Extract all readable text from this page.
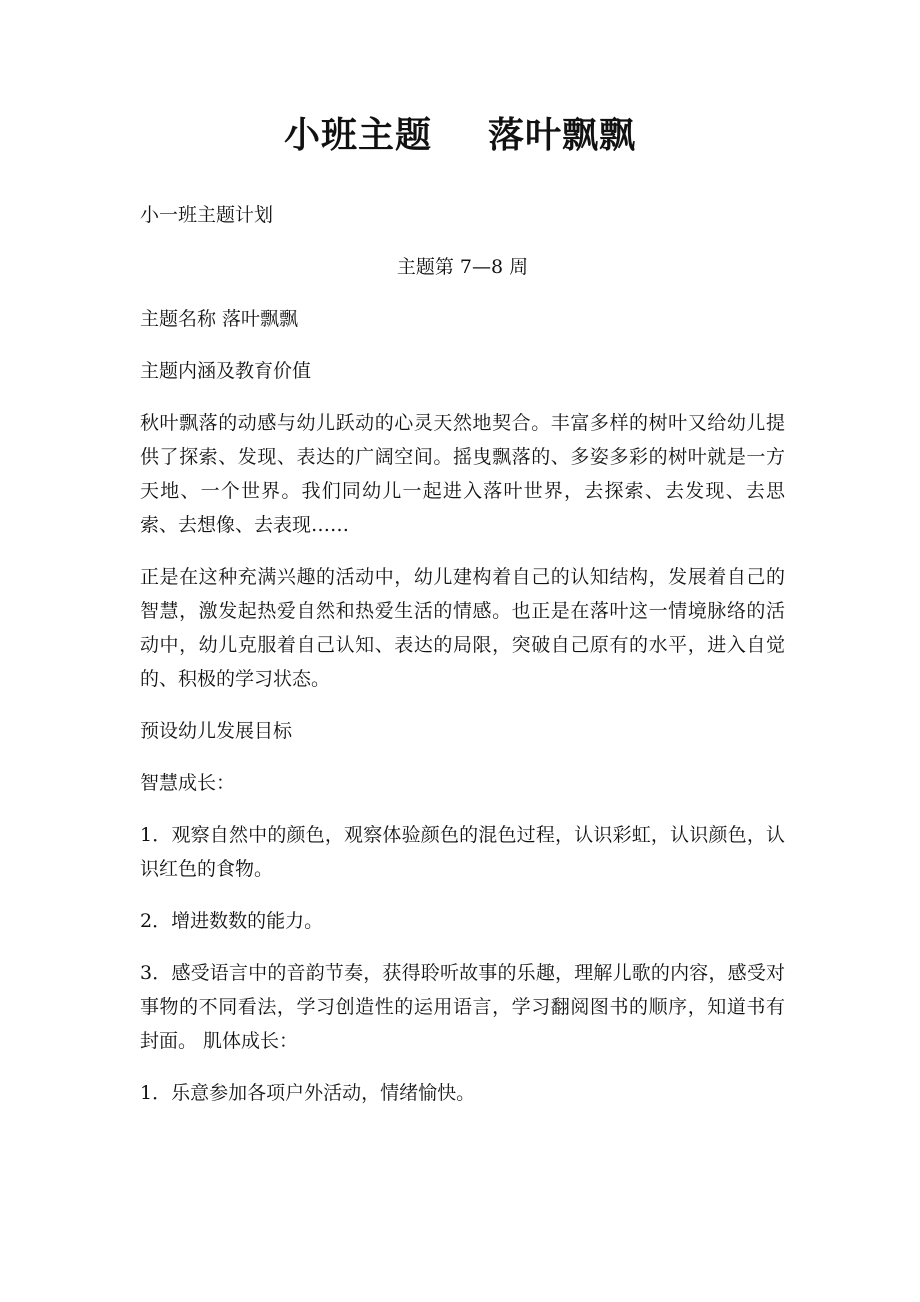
小班主题 落叶飘飘

小一班主题计划

主题第 7—8 周

主题名称 落叶飘飘

主题内涵及教育价值

秋叶飘落的动感与幼儿跃动的心灵天然地契合。丰富多样的树叶又给幼儿提供了探索、发现、表达的广阔空间。摇曳飘落的、多姿多彩的树叶就是一方天地、一个世界。我们同幼儿一起进入落叶世界，去探索、去发现、去思索、去想像、去表现……

正是在这种充满兴趣的活动中，幼儿建构着自己的认知结构，发展着自己的智慧，激发起热爱自然和热爱生活的情感。也正是在落叶这一情境脉络的活动中，幼儿克服着自己认知、表达的局限，突破自己原有的水平，进入自觉的、积极的学习状态。

预设幼儿发展目标

智慧成长：

1．观察自然中的颜色，观察体验颜色的混色过程，认识彩虹，认识颜色，认识红色的食物。

2．增进数数的能力。

3．感受语言中的音韵节奏，获得聆听故事的乐趣，理解儿歌的内容，感受对事物的不同看法，学习创造性的运用语言，学习翻阅图书的顺序，知道书有封面。 肌体成长：

1．乐意参加各项户外活动，情绪愉快。
